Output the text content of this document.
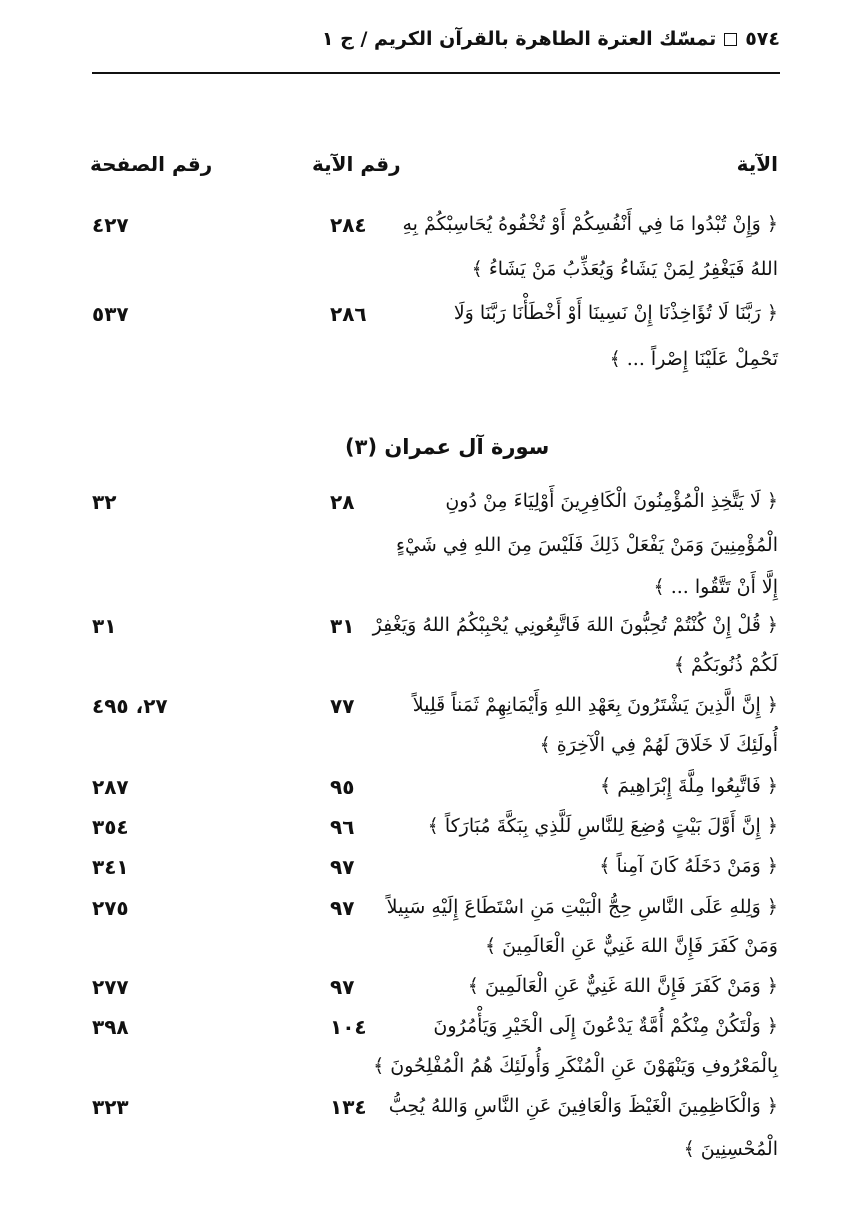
٥٧٤
تمسّك العترة الطاهرة بالقرآن الكريم / ج ١
الآية
رقم الآية
رقم الصفحة
﴿ وَإِنْ تُبْدُوا مَا فِي أَنْفُسِكُمْ أَوْ تُخْفُوهُ يُحَاسِبْكُمْ بِهِ
اللهُ فَيَغْفِرُ لِمَنْ يَشَاءُ وَيُعَذِّبُ مَنْ يَشَاءُ ﴾
٢٨٤
٤٢٧
﴿ رَبَّنَا لَا تُؤَاخِذْنَا إِنْ نَسِينَا أَوْ أَخْطَأْنَا رَبَّنَا وَلَا
تَحْمِلْ عَلَيْنَا إِصْراً ... ﴾
٢٨٦
٥٣٧
سورة آل عمران (٣)
﴿ لَا يَتَّخِذِ الْمُؤْمِنُونَ الْكَافِرِينَ أَوْلِيَاءَ مِنْ دُونِ
الْمُؤْمِنِينَ وَمَنْ يَفْعَلْ ذَلِكَ فَلَيْسَ مِنَ اللهِ فِي شَيْءٍ
إِلَّا أَنْ تَتَّقُوا ... ﴾
٢٨
٣٢
﴿ قُلْ إِنْ كُنْتُمْ تُحِبُّونَ اللهَ فَاتَّبِعُونِي يُحْبِبْكُمُ اللهُ وَيَغْفِرْ
لَكُمْ ذُنُوبَكُمْ ﴾
٣١
٣١
﴿ إِنَّ الَّذِينَ يَشْتَرُونَ بِعَهْدِ اللهِ وَأَيْمَانِهِمْ ثَمَناً قَلِيلاً
أُولَئِكَ لَا خَلَاقَ لَهُمْ فِي الْآخِرَةِ ﴾
٧٧
٢٧، ٤٩٥
﴿ فَاتَّبِعُوا مِلَّةَ إِبْرَاهِيمَ ﴾
٩٥
٢٨٧
﴿ إِنَّ أَوَّلَ بَيْتٍ وُضِعَ لِلنَّاسِ لَلَّذِي بِبَكَّةَ مُبَارَكاً ﴾
٩٦
٣٥٤
﴿ وَمَنْ دَخَلَهُ كَانَ آمِناً ﴾
٩٧
٣٤١
﴿ وَلِلهِ عَلَى النَّاسِ حِجُّ الْبَيْتِ مَنِ اسْتَطَاعَ إِلَيْهِ سَبِيلاً
وَمَنْ كَفَرَ فَإِنَّ اللهَ غَنِيٌّ عَنِ الْعَالَمِينَ ﴾
٩٧
٢٧٥
﴿ وَمَنْ كَفَرَ فَإِنَّ اللهَ غَنِيٌّ عَنِ الْعَالَمِينَ ﴾
٩٧
٢٧٧
﴿ وَلْتَكُنْ مِنْكُمْ أُمَّةٌ يَدْعُونَ إِلَى الْخَيْرِ وَيَأْمُرُونَ
بِالْمَعْرُوفِ وَيَنْهَوْنَ عَنِ الْمُنْكَرِ وَأُولَئِكَ هُمُ الْمُفْلِحُونَ ﴾
١٠٤
٣٩٨
﴿ وَالْكَاظِمِينَ الْغَيْظَ وَالْعَافِينَ عَنِ النَّاسِ وَاللهُ يُحِبُّ
الْمُحْسِنِينَ ﴾
١٣٤
٣٢٣
